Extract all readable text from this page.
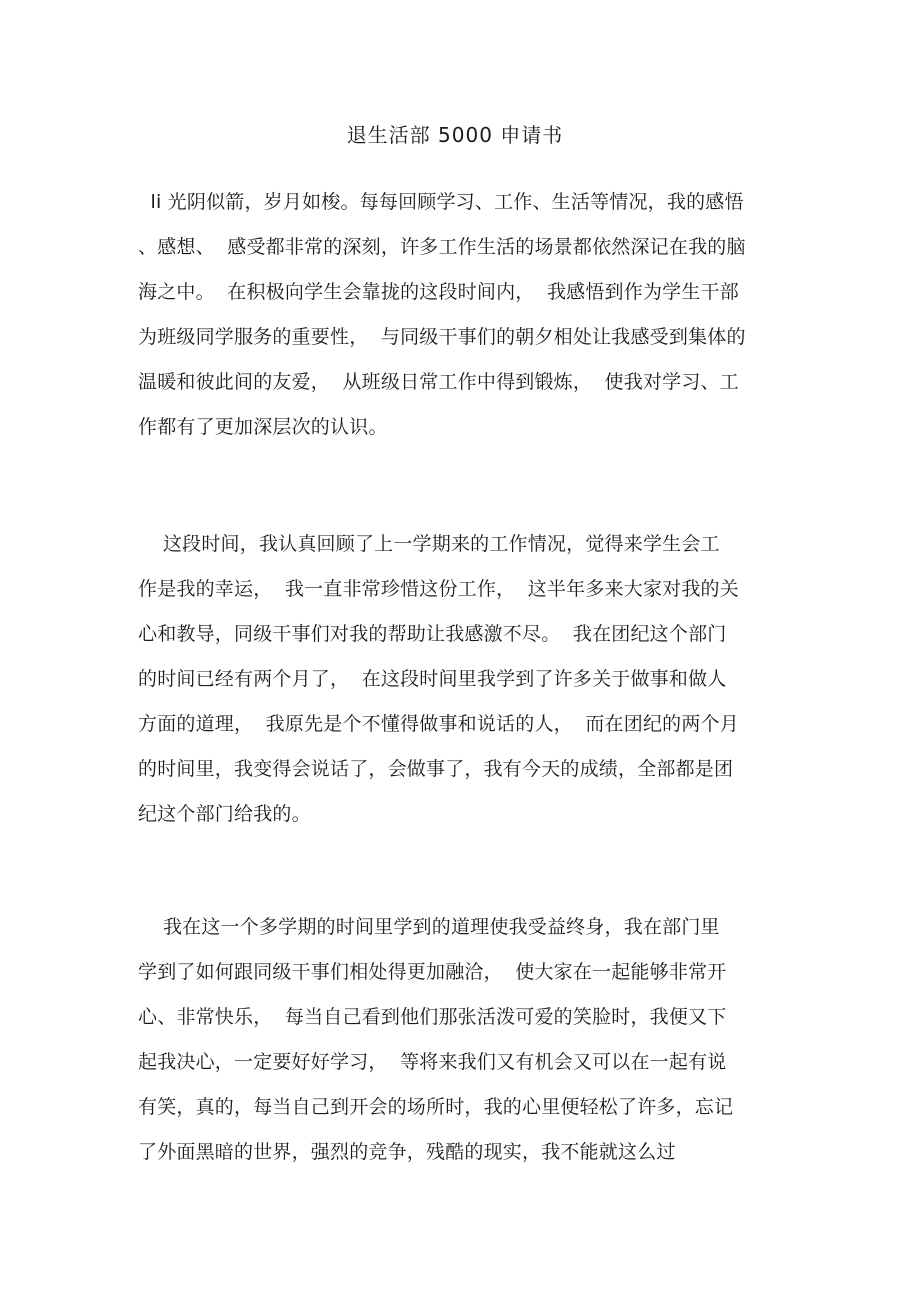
退生活部 5000 申请书
li 光阴似箭，岁月如梭。每每回顾学习、工作、生活等情况，我的感悟
、感想、  感受都非常的深刻，许多工作生活的场景都依然深记在我的脑
海之中。  在积极向学生会靠拢的这段时间内，  我感悟到作为学生干部
为班级同学服务的重要性，  与同级干事们的朝夕相处让我感受到集体的
温暖和彼此间的友爱，  从班级日常工作中得到锻炼，  使我对学习、工
作都有了更加深层次的认识。
这段时间，我认真回顾了上一学期来的工作情况，觉得来学生会工
作是我的幸运，  我一直非常珍惜这份工作，  这半年多来大家对我的关
心和教导，同级干事们对我的帮助让我感激不尽。  我在团纪这个部门
的时间已经有两个月了，  在这段时间里我学到了许多关于做事和做人
方面的道理，  我原先是个不懂得做事和说话的人，  而在团纪的两个月
的时间里，我变得会说话了，会做事了，我有今天的成绩，全部都是团
纪这个部门给我的。
我在这一个多学期的时间里学到的道理使我受益终身，我在部门里
学到了如何跟同级干事们相处得更加融洽，  使大家在一起能够非常开
心、非常快乐，  每当自己看到他们那张活泼可爱的笑脸时，我便又下
起我决心，一定要好好学习，  等将来我们又有机会又可以在一起有说
有笑，真的，每当自己到开会的场所时，我的心里便轻松了许多，忘记
了外面黑暗的世界，强烈的竞争，残酷的现实，我不能就这么过
